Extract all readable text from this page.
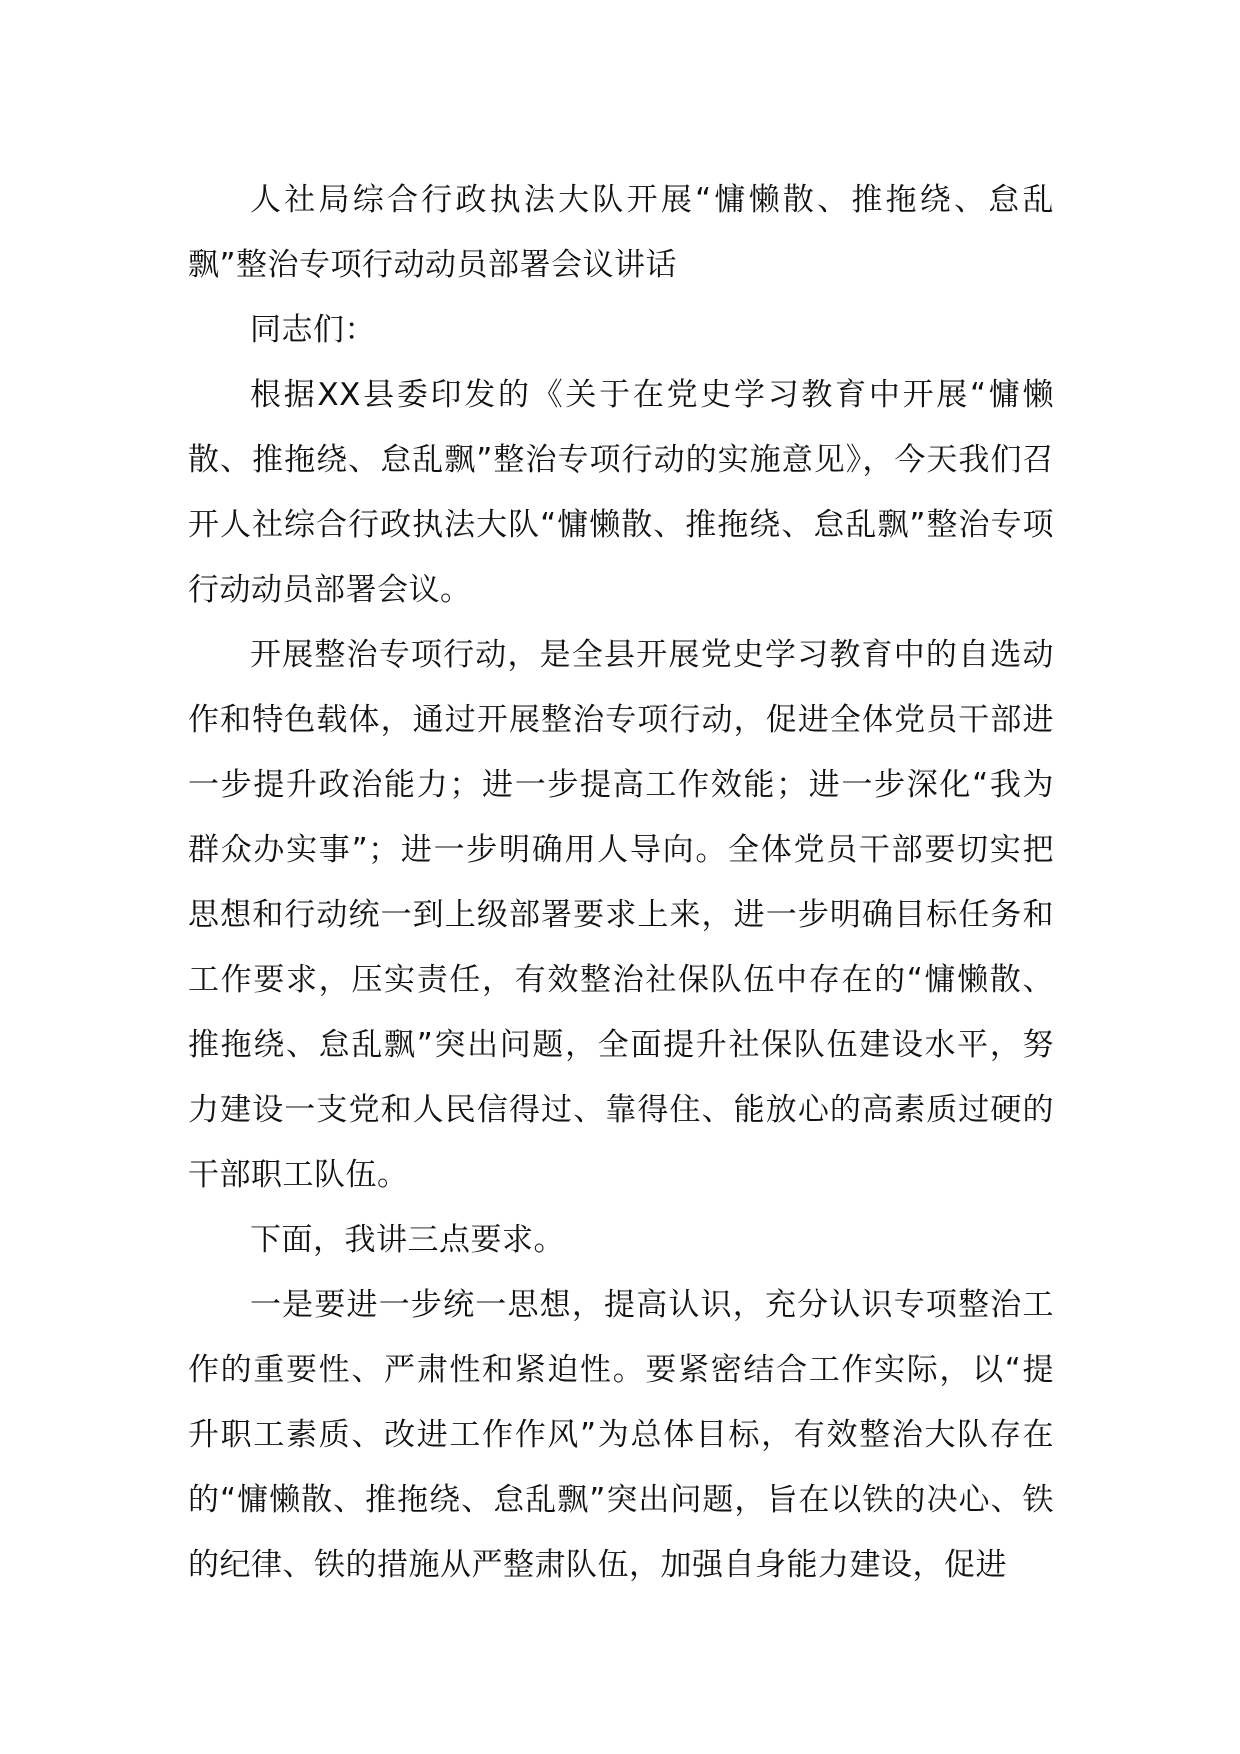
人社局综合行政执法大队开展“慵懒散、推拖绕、怠乱飘”整治专项行动动员部署会议讲话

同志们：

根据XX县委印发的《关于在党史学习教育中开展“慵懒散、推拖绕、怠乱飘”整治专项行动的实施意见》，今天我们召开人社综合行政执法大队“慵懒散、推拖绕、怠乱飘”整治专项行动动员部署会议。

开展整治专项行动，是全县开展党史学习教育中的自选动作和特色载体，通过开展整治专项行动，促进全体党员干部进一步提升政治能力；进一步提高工作效能；进一步深化“我为群众办实事”；进一步明确用人导向。全体党员干部要切实把思想和行动统一到上级部署要求上来，进一步明确目标任务和工作要求，压实责任，有效整治社保队伍中存在的“慵懒散、推拖绕、怠乱飘”突出问题，全面提升社保队伍建设水平，努力建设一支党和人民信得过、靠得住、能放心的高素质过硬的干部职工队伍。

下面，我讲三点要求。

一是要进一步统一思想，提高认识，充分认识专项整治工作的重要性、严肃性和紧迫性。要紧密结合工作实际，以“提升职工素质、改进工作作风”为总体目标，有效整治大队存在的“慵懒散、推拖绕、怠乱飘”突出问题，旨在以铁的决心、铁的纪律、铁的措施从严整肃队伍，加强自身能力建设，促进
